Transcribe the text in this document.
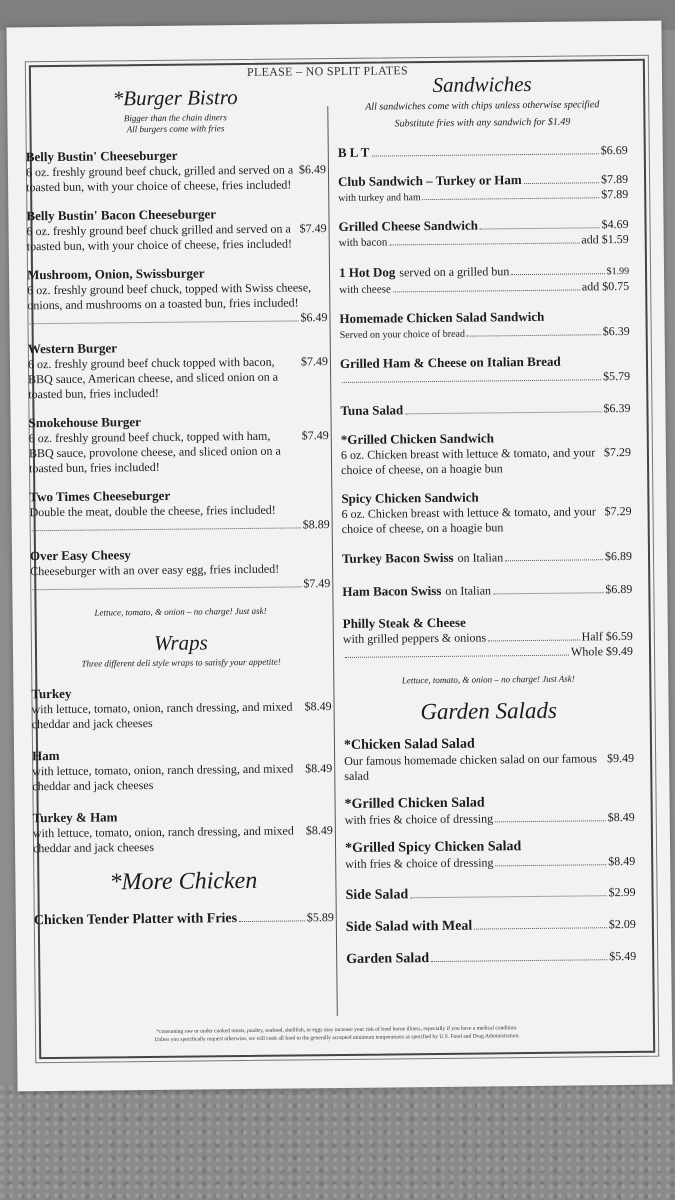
PLEASE – NO SPLIT PLATES
*Burger Bistro
Bigger than the chain diners
All burgers come with fries
Belly Bustin' Cheeseburger
6 oz. freshly ground beef chuck, grilled and served on a toasted bun, with your choice of cheese, fries included!
$6.49
Belly Bustin' Bacon Cheeseburger
6 oz. freshly ground beef chuck grilled and served on a toasted bun, with your choice of cheese, fries included!
$7.49
Mushroom, Onion, Swissburger
6 oz. freshly ground beef chuck, topped with Swiss cheese, onions, and mushrooms on a toasted bun, fries included!
$6.49
Western Burger
6 oz. freshly ground beef chuck topped with bacon, BBQ sauce, American cheese, and sliced onion on a toasted bun, fries included!
$7.49
Smokehouse Burger
6 oz. freshly ground beef chuck, topped with ham, BBQ sauce, provolone cheese, and sliced onion on a toasted bun, fries included!
$7.49
Two Times Cheeseburger
Double the meat, double the cheese, fries included!
$8.89
Over Easy Cheesy
Cheeseburger with an over easy egg, fries included!
$7.49
Lettuce, tomato, & onion – no charge! Just ask!
Wraps
Three different deli style wraps to satisfy your appetite!
Turkey
with lettuce, tomato, onion, ranch dressing, and mixed cheddar and jack cheeses
$8.49
Ham
with lettuce, tomato, onion, ranch dressing, and mixed cheddar and jack cheeses
$8.49
Turkey & Ham
with lettuce, tomato, onion, ranch dressing, and mixed cheddar and jack cheeses
$8.49
*More Chicken
Chicken Tender Platter with Fries	$5.89
Sandwiches
All sandwiches come with chips unless otherwise specified
Substitute fries with any sandwich for $1.49
B L T	$6.69
Club Sandwich – Turkey or Ham	$7.89
with turkey and ham	$7.89
Grilled Cheese Sandwich	$4.69
with bacon	add $1.59
1 Hot Dog
served on a grilled bun	$1.99
with cheese	add $0.75
Homemade Chicken Salad Sandwich
Served on your choice of bread	$6.39
Grilled Ham & Cheese on Italian Bread
$5.79
Tuna Salad	$6.39
*Grilled Chicken Sandwich
6 oz. Chicken breast with lettuce & tomato, and your choice of cheese, on a hoagie bun
$7.29
Spicy Chicken Sandwich
6 oz. Chicken breast with lettuce & tomato, and your choice of cheese, on a hoagie bun
$7.29
Turkey Bacon Swiss
on Italian	$6.89
Ham Bacon Swiss
on Italian	$6.89
Philly Steak & Cheese
with grilled peppers & onions	Half $6.59
Whole $9.49
Lettuce, tomato, & onion – no charge! Just Ask!
Garden Salads
*Chicken Salad Salad
Our famous homemade chicken salad on our famous salad
$9.49
*Grilled Chicken Salad
with fries & choice of dressing	$8.49
*Grilled Spicy Chicken Salad
with fries & choice of dressing	$8.49
Side Salad	$2.99
Side Salad with Meal	$2.09
Garden Salad	$5.49
*consuming raw or under cooked meats, poultry, seafood, shellfish, or eggs may increase your risk of food borne illness, especially if you have a medical condition.
Unless you specifically request otherwise, we will cook all food to the generally accepted minimum temperatures as specified by U.S. Food and Drug Administration.
